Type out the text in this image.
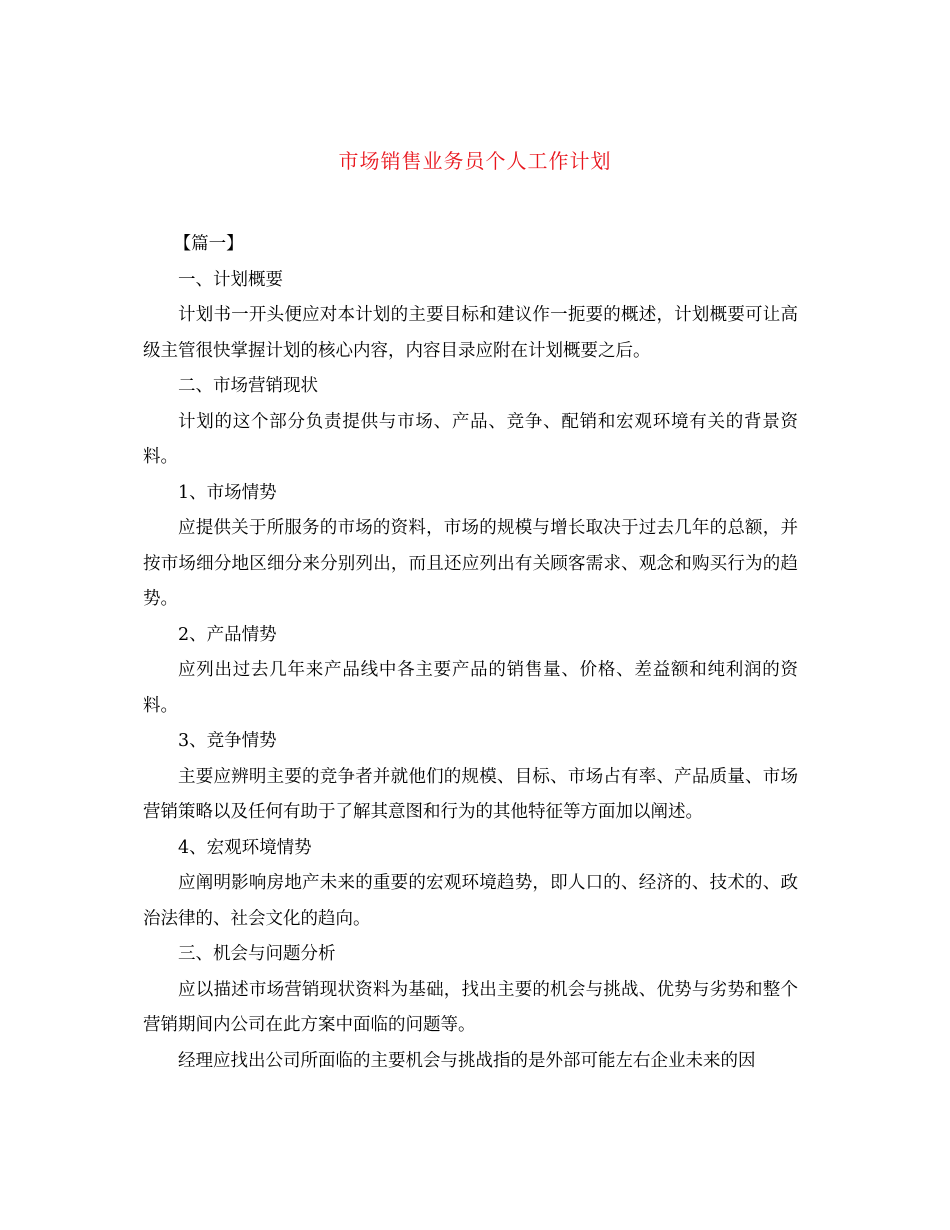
市场销售业务员个人工作计划

【篇一】

一、计划概要

计划书一开头便应对本计划的主要目标和建议作一扼要的概述，计划概要可让高级主管很快掌握计划的核心内容，内容目录应附在计划概要之后。

二、市场营销现状

计划的这个部分负责提供与市场、产品、竞争、配销和宏观环境有关的背景资料。

1、市场情势

应提供关于所服务的市场的资料，市场的规模与增长取决于过去几年的总额，并按市场细分地区细分来分别列出，而且还应列出有关顾客需求、观念和购买行为的趋势。

2、产品情势

应列出过去几年来产品线中各主要产品的销售量、价格、差益额和纯利润的资料。

3、竞争情势

主要应辨明主要的竞争者并就他们的规模、目标、市场占有率、产品质量、市场营销策略以及任何有助于了解其意图和行为的其他特征等方面加以阐述。

4、宏观环境情势

应阐明影响房地产未来的重要的宏观环境趋势，即人口的、经济的、技术的、政治法律的、社会文化的趋向。

三、机会与问题分析

应以描述市场营销现状资料为基础，找出主要的机会与挑战、优势与劣势和整个营销期间内公司在此方案中面临的问题等。

经理应找出公司所面临的主要机会与挑战指的是外部可能左右企业未来的因
